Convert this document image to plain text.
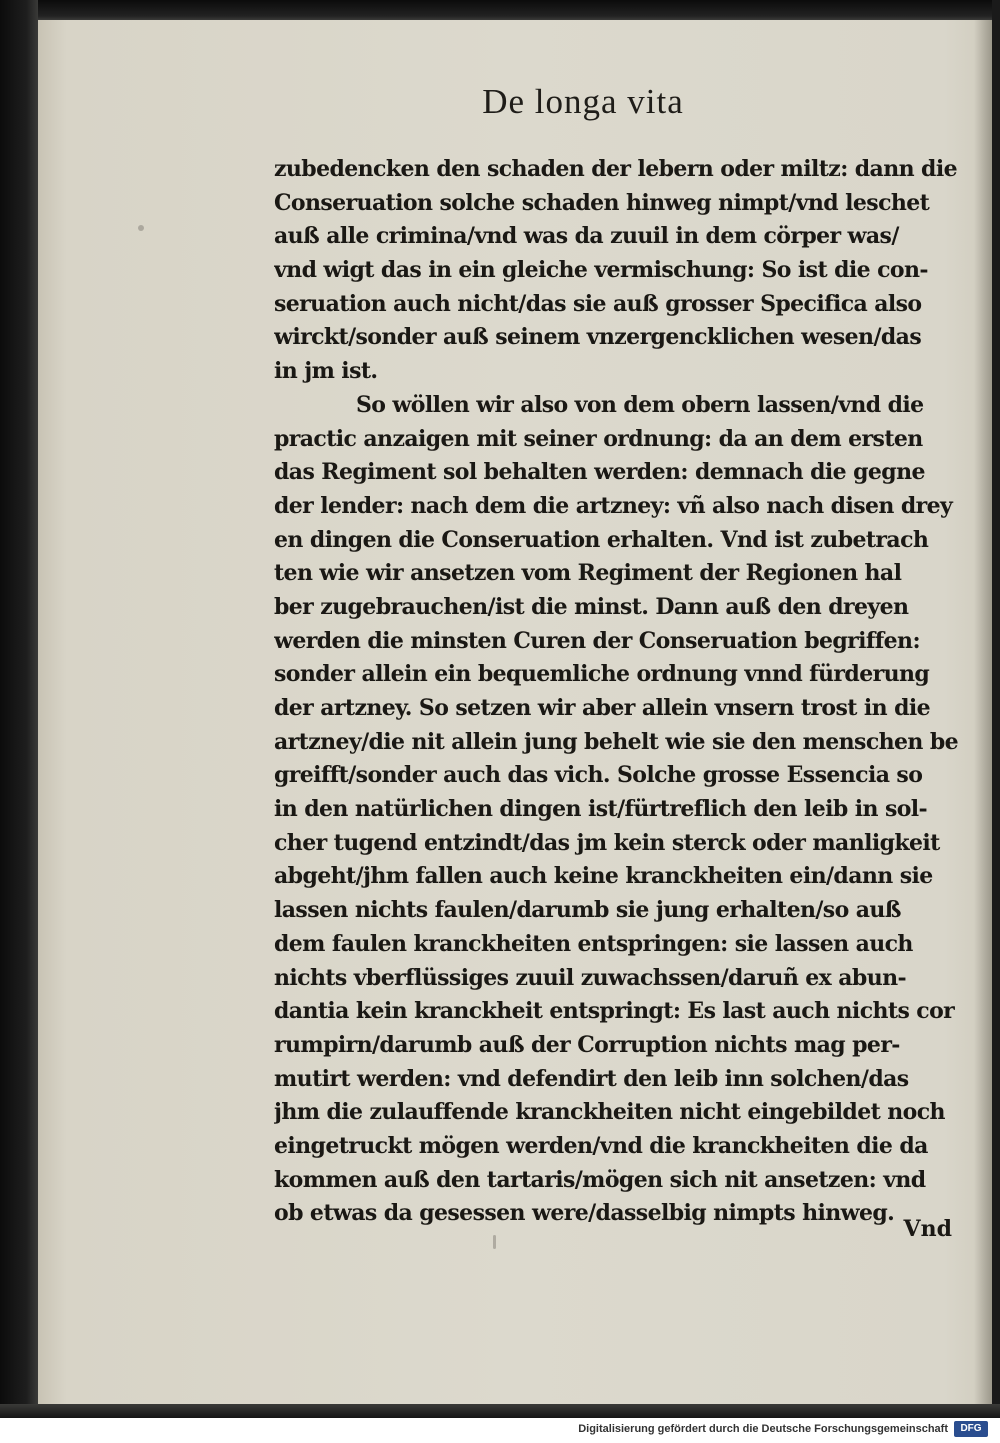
De longa vita
zubedencken den schaden der lebern oder miltz: dann die
Conseruation solche schaden hinweg nimpt/vnd leschet
auß alle crimina/vnd was da zuuil in dem cörper was/
vnd wigt das in ein gleiche vermischung: So ist die con-
seruation auch nicht/das sie auß grosser Specifica also
wirckt/sonder auß seinem vnzergencklichen wesen/das
in jm ist.
So wöllen wir also von dem obern lassen/vnd die
practic anzaigen mit seiner ordnung: da an dem ersten
das Regiment sol behalten werden: demnach die gegne
der lender: nach dem die artzney: vñ also nach disen drey
en dingen die Conseruation erhalten. Vnd ist zubetrach
ten wie wir ansetzen vom Regiment der Regionen hal
ber zugebrauchen/ist die minst. Dann auß den dreyen
werden die minsten Curen der Conseruation begriffen:
sonder allein ein bequemliche ordnung vnnd fürderung
der artzney. So setzen wir aber allein vnsern trost in die
artzney/die nit allein jung behelt wie sie den menschen be
greifft/sonder auch das vich. Solche grosse Essencia so
in den natürlichen dingen ist/fürtreflich den leib in sol-
cher tugend entzindt/das jm kein sterck oder manligkeit
abgeht/jhm fallen auch keine kranckheiten ein/dann sie
lassen nichts faulen/darumb sie jung erhalten/so auß
dem faulen kranckheiten entspringen: sie lassen auch
nichts vberflüssiges zuuil zuwachssen/daruñ ex abun-
dantia kein kranckheit entspringt: Es last auch nichts cor
rumpirn/darumb auß der Corruption nichts mag per-
mutirt werden: vnd defendirt den leib inn solchen/das
jhm die zulauffende kranckheiten nicht eingebildet noch
eingetruckt mögen werden/vnd die kranckheiten die da
kommen auß den tartaris/mögen sich nit ansetzen: vnd
ob etwas da gesessen were/dasselbig nimpts hinweg.
Vnd
Digitalisierung gefördert durch die Deutsche Forschungsgemeinschaft	DFG
